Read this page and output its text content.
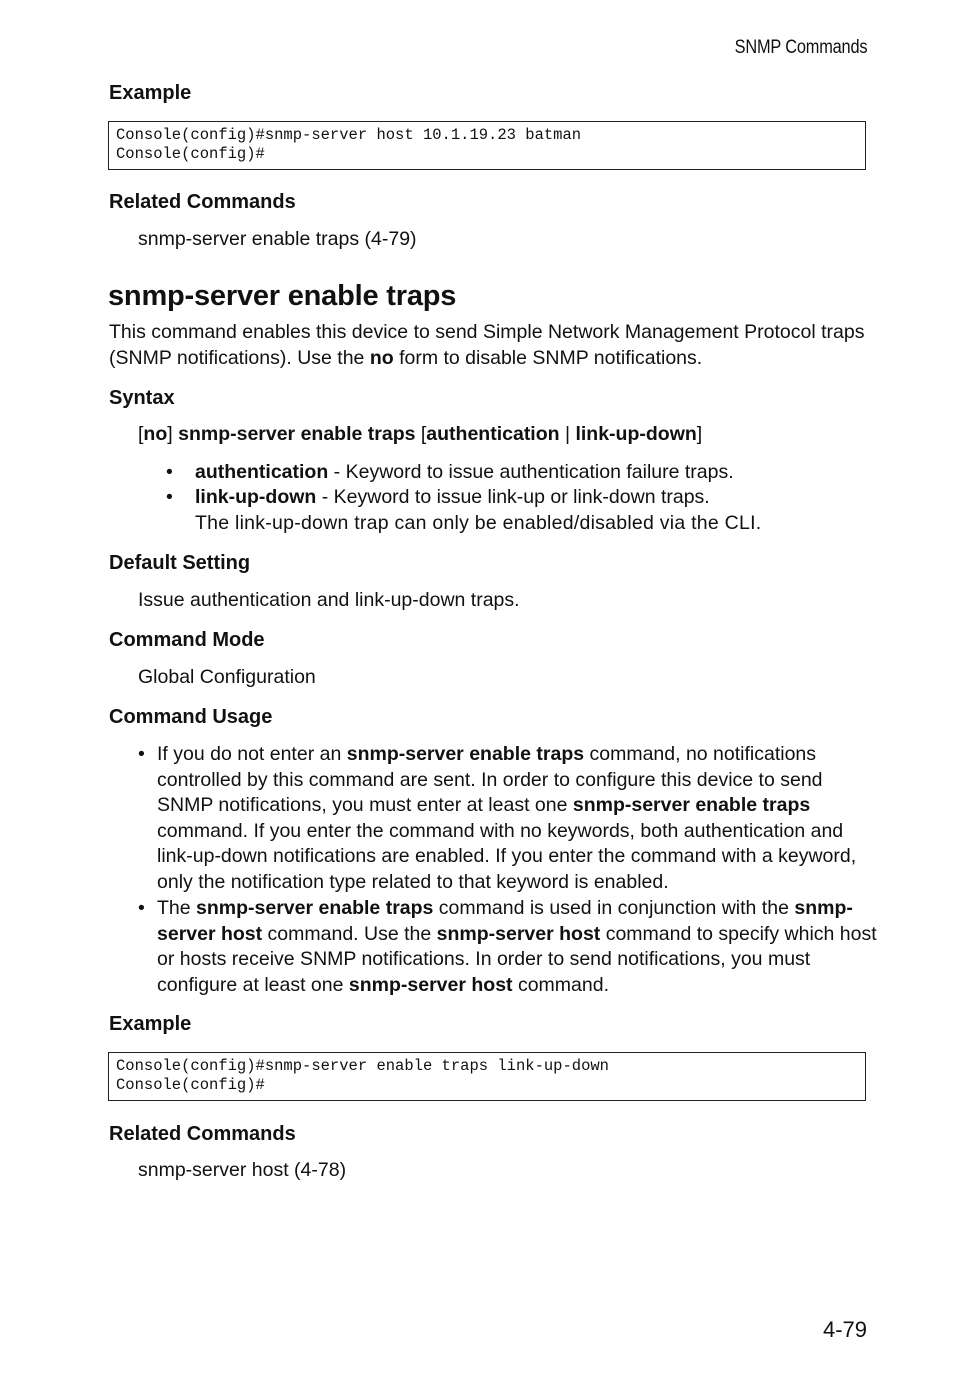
SNMP Commands
Example
Console(config)#snmp-server host 10.1.19.23 batman
Console(config)#
Related Commands
snmp-server enable traps (4-79)
snmp-server enable traps
This command enables this device to send Simple Network Management Protocol traps (SNMP notifications). Use the no form to disable SNMP notifications.
Syntax
[no] snmp-server enable traps [authentication | link-up-down]
• authentication - Keyword to issue authentication failure traps.
• link-up-down - Keyword to issue link-up or link-down traps.
The link-up-down trap can only be enabled/disabled via the CLI.
Default Setting
Issue authentication and link-up-down traps.
Command Mode
Global Configuration
Command Usage
• If you do not enter an snmp-server enable traps command, no notifications controlled by this command are sent. In order to configure this device to send SNMP notifications, you must enter at least one snmp-server enable traps command. If you enter the command with no keywords, both authentication and link-up-down notifications are enabled. If you enter the command with a keyword, only the notification type related to that keyword is enabled.
• The snmp-server enable traps command is used in conjunction with the snmp-server host command. Use the snmp-server host command to specify which host or hosts receive SNMP notifications. In order to send notifications, you must configure at least one snmp-server host command.
Example
Console(config)#snmp-server enable traps link-up-down
Console(config)#
Related Commands
snmp-server host (4-78)
4-79
